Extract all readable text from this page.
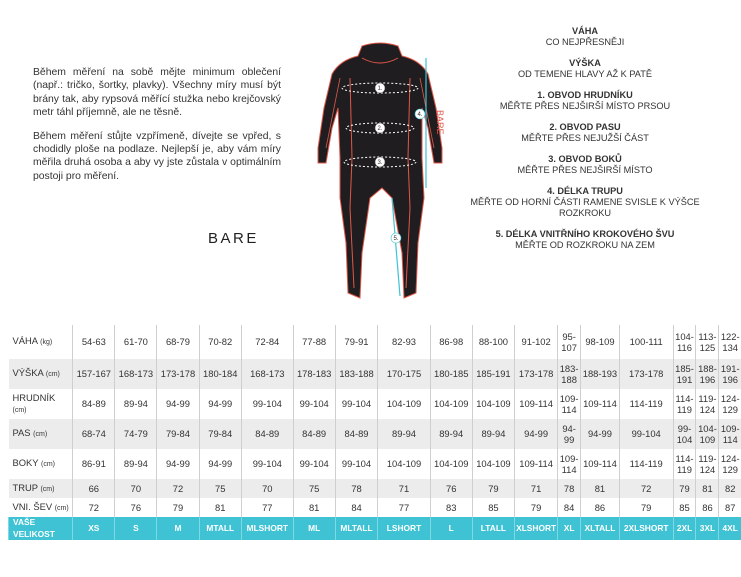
Během měření na sobě mějte minimum oblečení (např.: tričko, šortky, plavky). Všechny míry musí být brány tak, aby rypsová měřící stužka nebo krejčovský metr táhl příjemně, ale ne těsně.

Během měření stůjte vzpřímeně, dívejte se vpřed, s chodidly ploše na podlaze. Nejlepší je, aby vám míry měřila druhá osoba a aby vy jste zůstala v optimálním postoji pro měření.

BARE
1.
2.
3.
4.
5.
BARE
VÁHA
CO NEJPŘESNĚJI
VÝŠKA
OD TEMENE HLAVY AŽ K PATĚ
1. OBVOD HRUDNÍKU
MĚŘTE PŘES NEJŠIRŠÍ MÍSTO PRSOU
2. OBVOD PASU
MĚŘTE PŘES NEJUŽŠÍ ČÁST
3. OBVOD BOKŮ
MĚŘTE PŘES NEJŠIRŠÍ MÍSTO
4. DÉLKA TRUPU
MĚŘTE OD HORNÍ ČÁSTI RAMENE SVISLE K VÝŠCE ROZKROKU
5. DÉLKA VNITŘNÍHO KROKOVÉHO ŠVU
MĚŘTE OD ROZKROKU NA ZEM
VÁHA (kg)	54-63	61-70	68-79	70-82	72-84	77-88	79-91	82-93	86-98	88-100	91-102	95-107	98-109	100-111	104-116	113-125	122-134
VÝŠKA (cm)	157-167	168-173	173-178	180-184	168-173	178-183	183-188	170-175	180-185	185-191	173-178	183-188	188-193	173-178	185-191	188-196	191-196
HRUDNÍK (cm)	84-89	89-94	94-99	94-99	99-104	99-104	99-104	104-109	104-109	104-109	109-114	109-114	109-114	114-119	114-119	119-124	124-129
PAS (cm)	68-74	74-79	79-84	79-84	84-89	84-89	84-89	89-94	89-94	89-94	94-99	94-99	94-99	99-104	99-104	104-109	109-114
BOKY (cm)	86-91	89-94	94-99	94-99	99-104	99-104	99-104	104-109	104-109	104-109	109-114	109-114	109-114	114-119	114-119	119-124	124-129
TRUP (cm)	66	70	72	75	70	75	78	71	76	79	71	78	81	72	79	81	82
VNI. ŠEV (cm)	72	76	79	81	77	81	84	77	83	85	79	84	86	79	85	86	87
VAŠE VELIKOST	XS	S	M	MTALL	MLSHORT	ML	MLTALL	LSHORT	L	LTALL	XLSHORT	XL	XLTALL	2XLSHORT	2XL	3XL	4XL
